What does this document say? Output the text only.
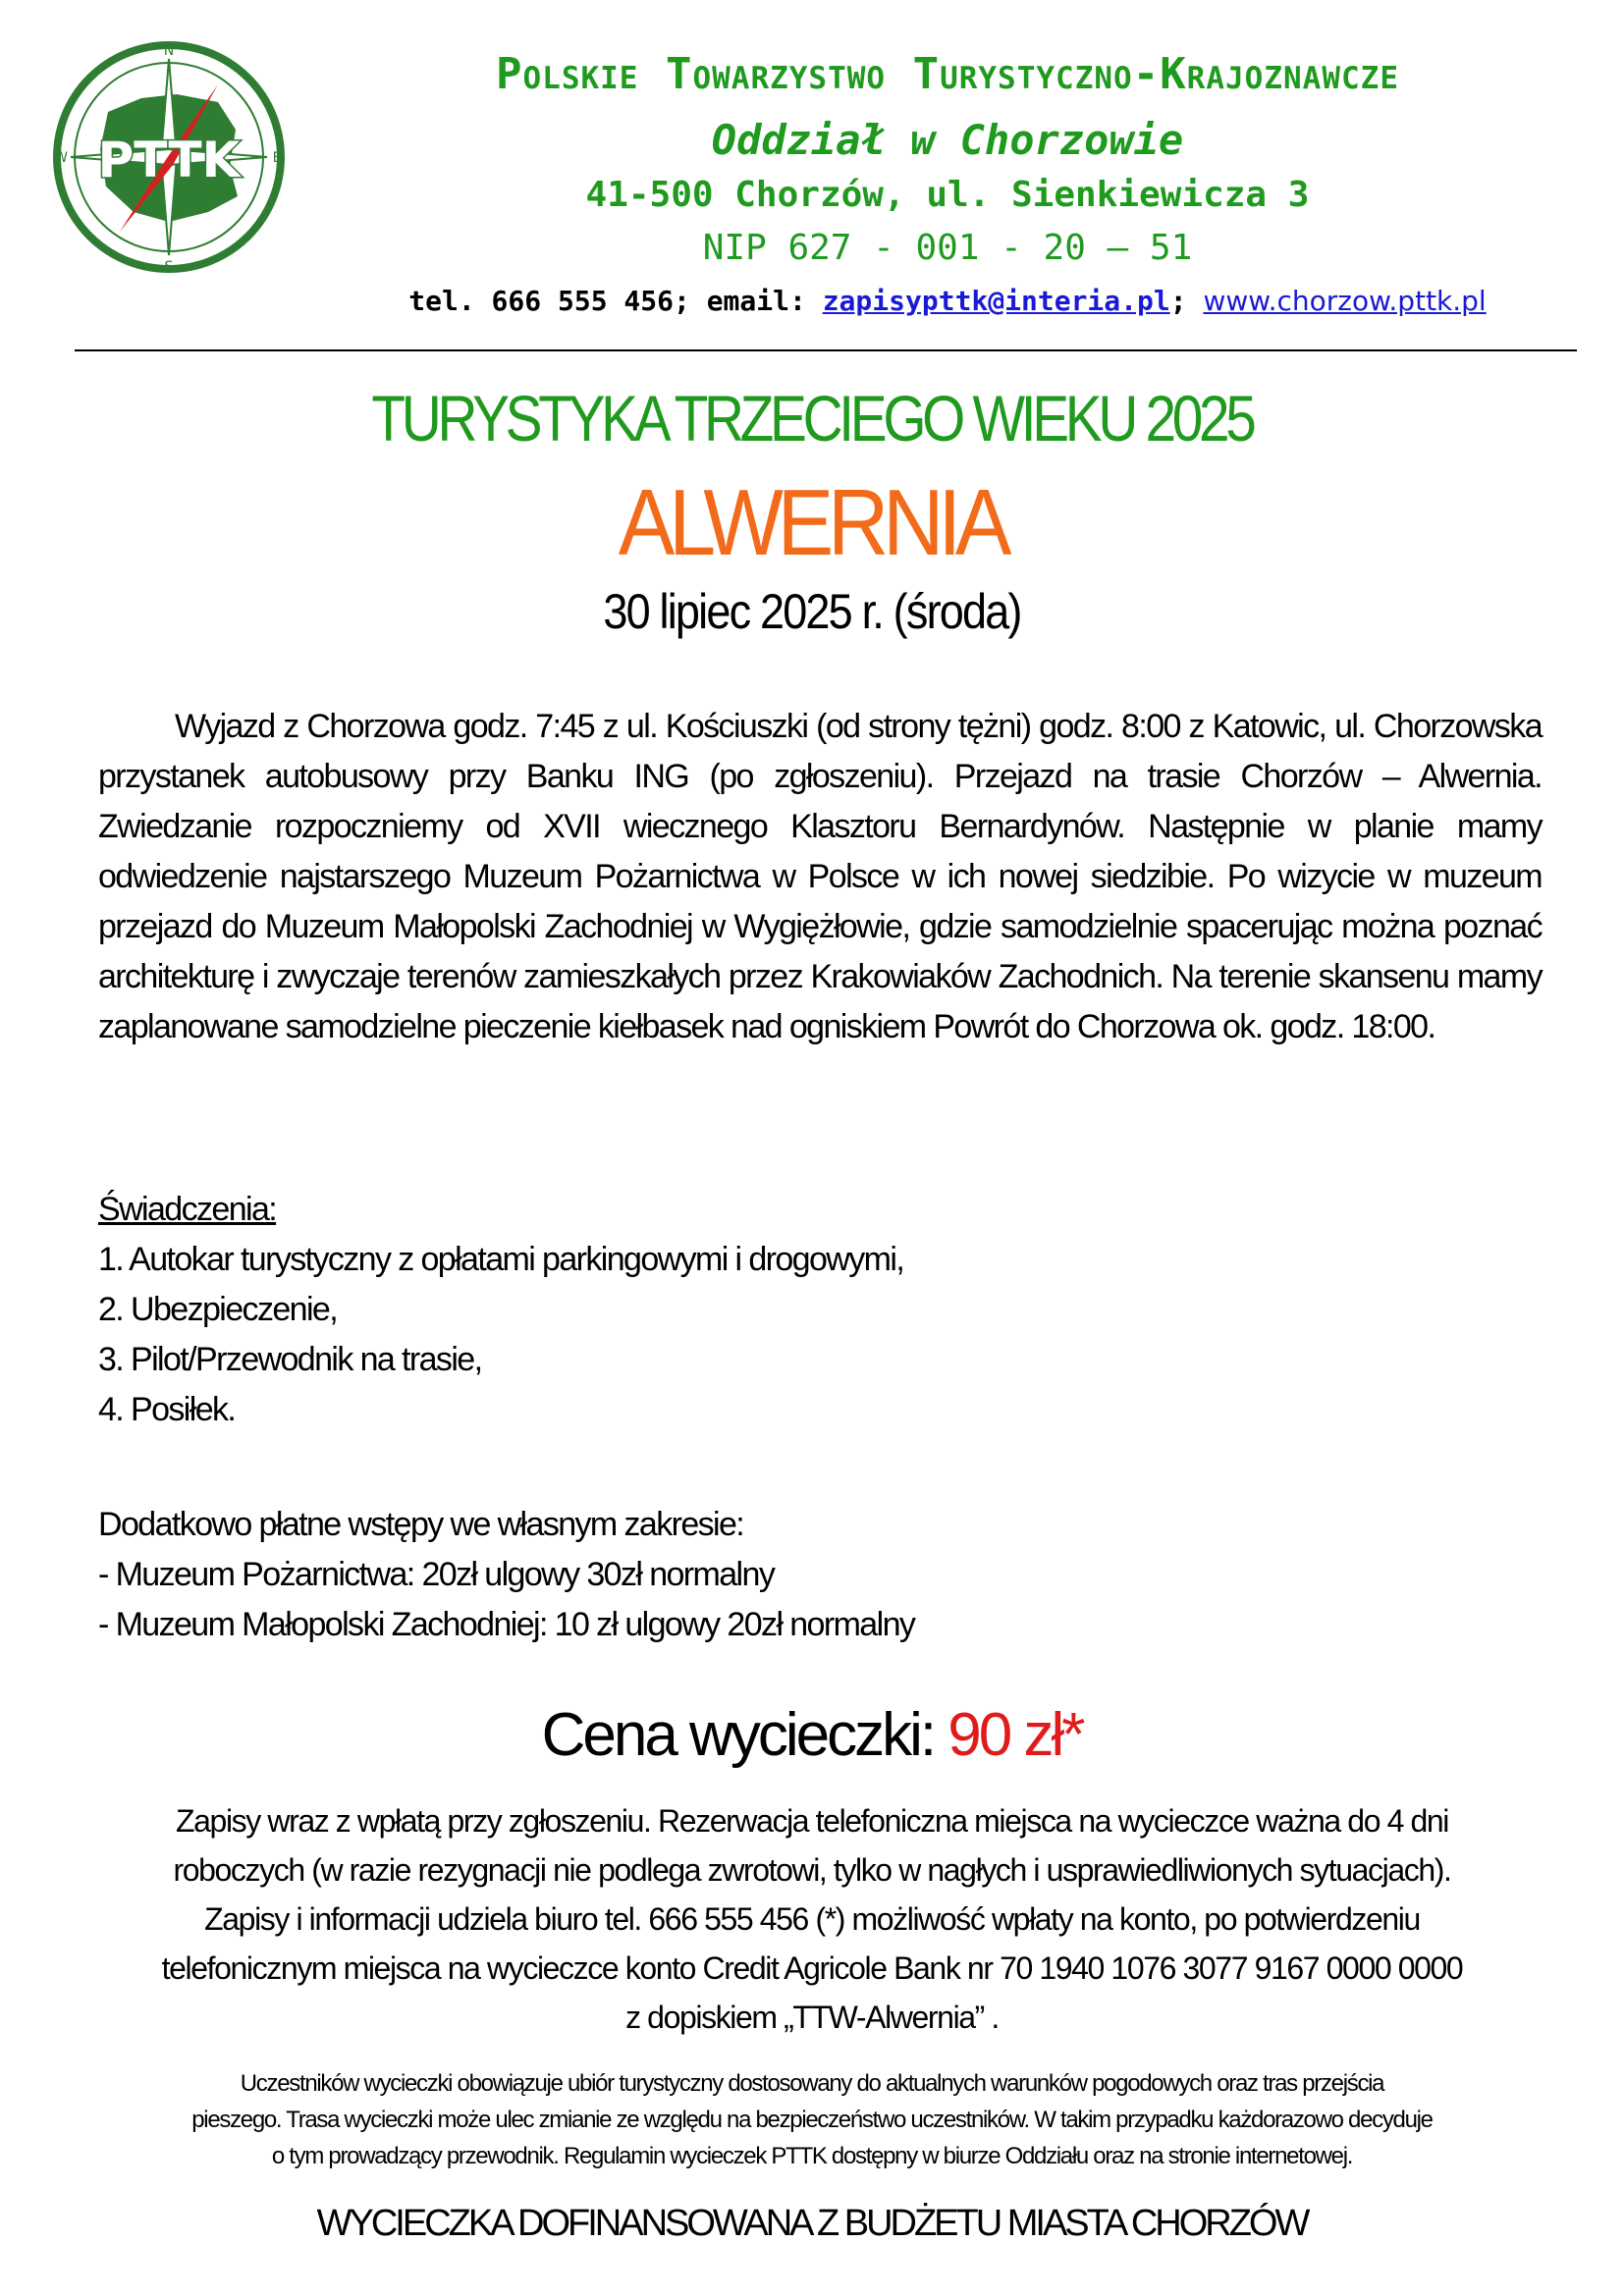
N
S
W	E
PTTK
Polskie Towarzystwo Turystyczno-Krajoznawcze
Oddział w Chorzowie
41-500 Chorzów, ul. Sienkiewicza 3
NIP 627 - 001 - 20 – 51
tel. 666 555 456; email: zapisypttk@interia.pl; www.chorzow.pttk.pl
TURYSTYKA TRZECIEGO WIEKU 2025
ALWERNIA
30 lipiec 2025 r. (środa)
Wyjazd z Chorzowa godz. 7:45 z ul. Kościuszki (od strony tężni) godz. 8:00 z Katowic, ul. Chorzowska przystanek autobusowy przy Banku ING (po zgłoszeniu). Przejazd na trasie Chorzów – Alwernia. Zwiedzanie rozpoczniemy od XVII wiecznego Klasztoru Bernardynów. Następnie w planie mamy odwiedzenie najstarszego Muzeum Pożarnictwa w Polsce w ich nowej siedzibie. Po wizycie w muzeum przejazd do Muzeum Małopolski Zachodniej w Wygiężłowie, gdzie samodzielnie spacerując można poznać architekturę i zwyczaje terenów zamieszkałych przez Krakowiaków Zachodnich. Na terenie skansenu mamy zaplanowane samodzielne pieczenie kiełbasek nad ogniskiem Powrót do Chorzowa ok. godz. 18:00.
Świadczenia:
1. Autokar turystyczny z opłatami parkingowymi i drogowymi,
2. Ubezpieczenie,
3. Pilot/Przewodnik na trasie,
4. Posiłek.
Dodatkowo płatne wstępy we własnym zakresie:
- Muzeum Pożarnictwa: 20zł ulgowy 30zł normalny
- Muzeum Małopolski Zachodniej: 10 zł ulgowy 20zł normalny
Cena wycieczki: 90 zł*
Zapisy wraz z wpłatą przy zgłoszeniu. Rezerwacja telefoniczna miejsca na wycieczce ważna do 4 dni
roboczych (w razie rezygnacji nie podlega zwrotowi, tylko w nagłych i usprawiedliwionych sytuacjach).
Zapisy i informacji udziela biuro tel. 666 555 456 (*) możliwość wpłaty na konto, po potwierdzeniu
telefonicznym miejsca na wycieczce konto Credit Agricole Bank nr 70 1940 1076 3077 9167 0000 0000
z dopiskiem „TTW-Alwernia” .
Uczestników wycieczki obowiązuje ubiór turystyczny dostosowany do aktualnych warunków pogodowych oraz tras przejścia
pieszego. Trasa wycieczki może ulec zmianie ze względu na bezpieczeństwo uczestników. W takim przypadku każdorazowo decyduje
o tym prowadzący przewodnik. Regulamin wycieczek PTTK dostępny w biurze Oddziału oraz na stronie internetowej.
WYCIECZKA DOFINANSOWANA Z BUDŻETU MIASTA CHORZÓW
